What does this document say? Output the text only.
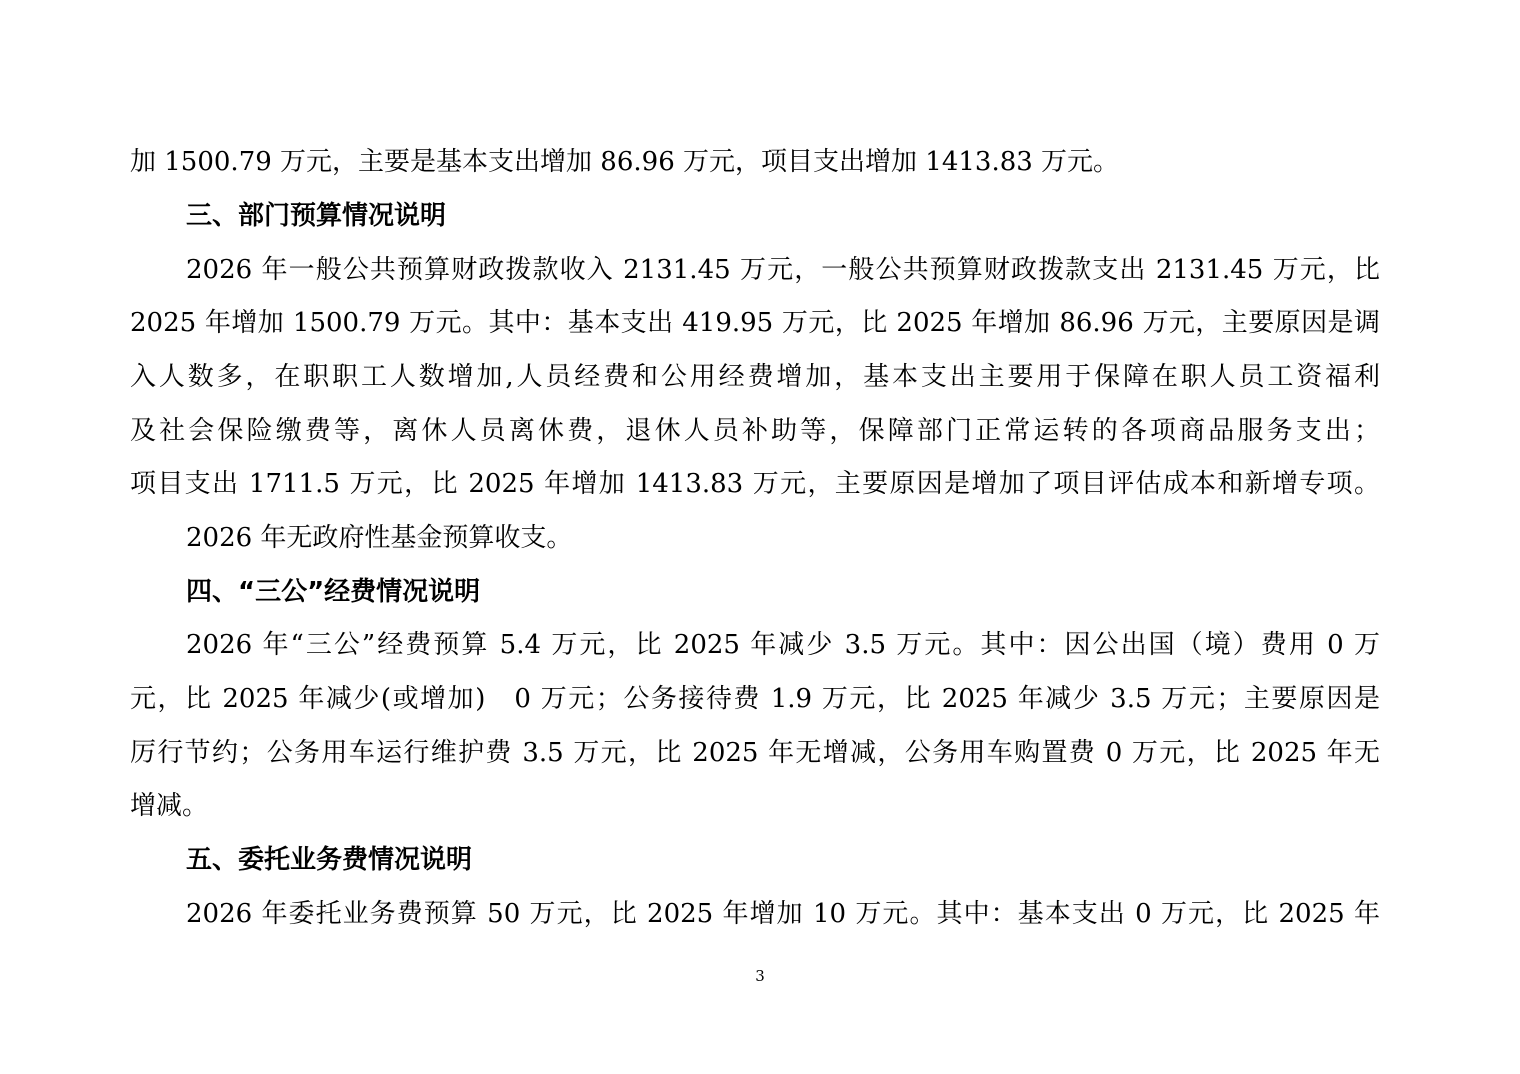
加 1500.79 万元，主要是基本支出增加 86.96 万元，项目支出增加 1413.83 万元。
三、部门预算情况说明
2026 年一般公共预算财政拨款收入 2131.45 万元，一般公共预算财政拨款支出 2131.45 万元，比
2025 年增加 1500.79 万元。其中：基本支出 419.95 万元，比 2025 年增加 86.96 万元，主要原因是调
入人数多，在职职工人数增加,人员经费和公用经费增加，基本支出主要用于保障在职人员工资福利
及社会保险缴费等，离休人员离休费，退休人员补助等，保障部门正常运转的各项商品服务支出；
项目支出 1711.5 万元，比 2025 年增加 1413.83 万元，主要原因是增加了项目评估成本和新增专项。
2026 年无政府性基金预算收支。
四、“三公”经费情况说明
2026 年“三公”经费预算 5.4 万元，比 2025 年减少 3.5 万元。其中：因公出国（境）费用 0 万
元，比 2025 年减少(或增加)　0 万元；公务接待费 1.9 万元，比 2025 年减少 3.5 万元；主要原因是
厉行节约；公务用车运行维护费 3.5 万元，比 2025 年无增减，公务用车购置费 0 万元，比 2025 年无
增减。
五、委托业务费情况说明
2026 年委托业务费预算 50 万元，比 2025 年增加 10 万元。其中：基本支出 0 万元，比 2025 年
3
